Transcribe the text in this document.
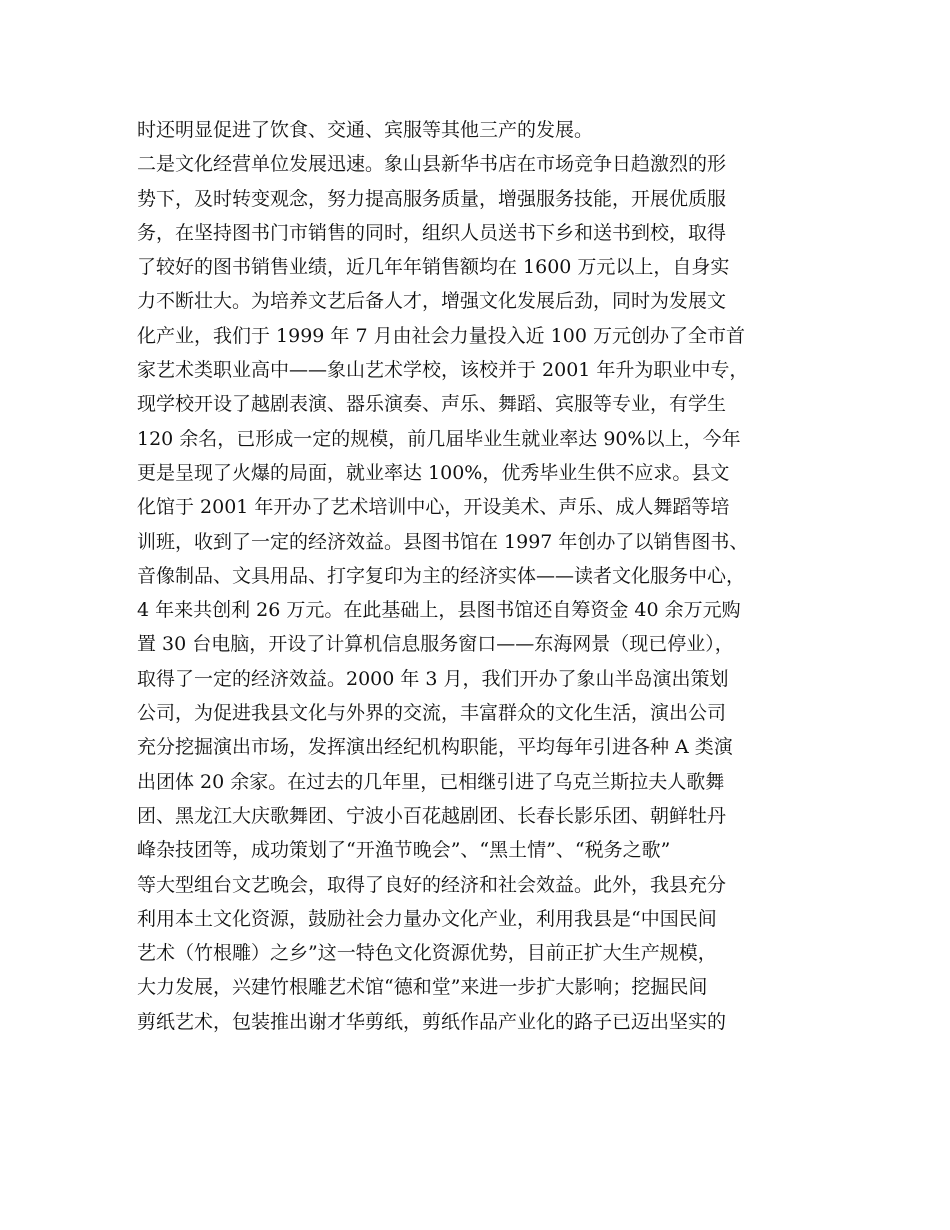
时还明显促进了饮食、交通、宾服等其他三产的发展。
二是文化经营单位发展迅速。象山县新华书店在市场竞争日趋激烈的形
势下，及时转变观念，努力提高服务质量，增强服务技能，开展优质服
务，在坚持图书门市销售的同时，组织人员送书下乡和送书到校，取得
了较好的图书销售业绩，近几年年销售额均在 1600 万元以上，自身实
力不断壮大。为培养文艺后备人才，增强文化发展后劲，同时为发展文
化产业，我们于 1999 年 7 月由社会力量投入近 100 万元创办了全市首
家艺术类职业高中——象山艺术学校，该校并于 2001 年升为职业中专，
现学校开设了越剧表演、器乐演奏、声乐、舞蹈、宾服等专业，有学生
120 余名，已形成一定的规模，前几届毕业生就业率达 90%以上，今年
更是呈现了火爆的局面，就业率达 100%，优秀毕业生供不应求。县文
化馆于 2001 年开办了艺术培训中心，开设美术、声乐、成人舞蹈等培
训班，收到了一定的经济效益。县图书馆在 1997 年创办了以销售图书、
音像制品、文具用品、打字复印为主的经济实体——读者文化服务中心，
4 年来共创利 26 万元。在此基础上，县图书馆还自筹资金 40 余万元购
置 30 台电脑，开设了计算机信息服务窗口——东海网景（现已停业），
取得了一定的经济效益。2000 年 3 月，我们开办了象山半岛演出策划
公司，为促进我县文化与外界的交流，丰富群众的文化生活，演出公司
充分挖掘演出市场，发挥演出经纪机构职能，平均每年引进各种 A 类演
出团体 20 余家。在过去的几年里，已相继引进了乌克兰斯拉夫人歌舞
团、黑龙江大庆歌舞团、宁波小百花越剧团、长春长影乐团、朝鲜牡丹
峰杂技团等，成功策划了“开渔节晚会”、“黑土情”、“税务之歌”
等大型组台文艺晚会，取得了良好的经济和社会效益。此外，我县充分
利用本土文化资源，鼓励社会力量办文化产业，利用我县是“中国民间
艺术（竹根雕）之乡”这一特色文化资源优势，目前正扩大生产规模，
大力发展，兴建竹根雕艺术馆“德和堂”来进一步扩大影响；挖掘民间
剪纸艺术，包装推出谢才华剪纸，剪纸作品产业化的路子已迈出坚实的
